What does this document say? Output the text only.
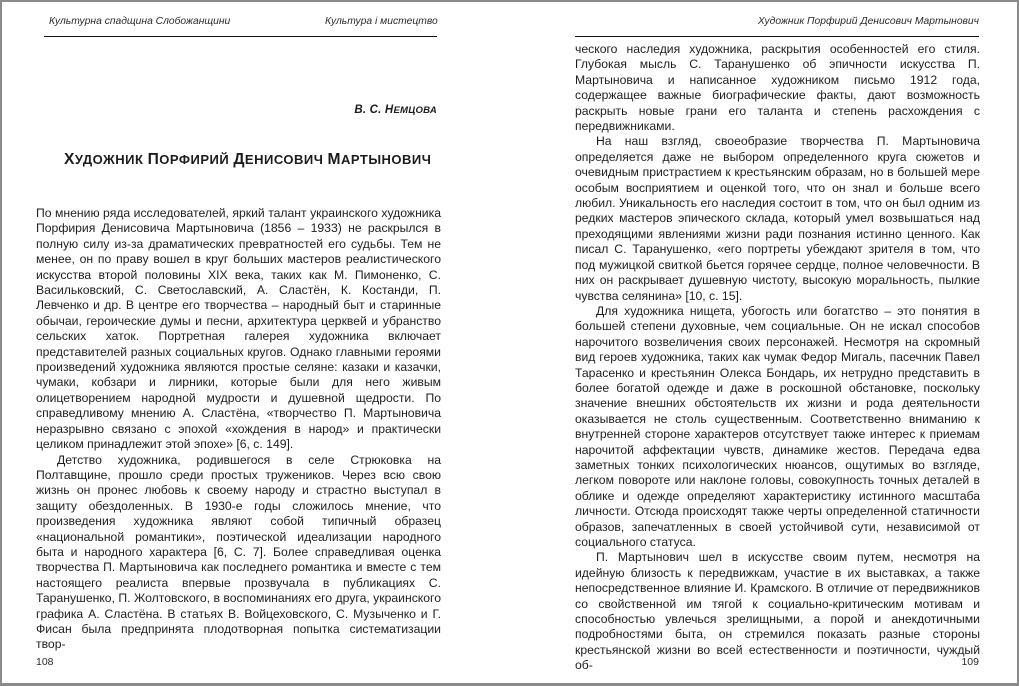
Культурна спадщина Слобожанщини	Культура і мистецтво
В. С. НЕМЦОВА
ХУДОЖНИК ПОРФИРИЙ ДЕНИСОВИЧ МАРТЫНОВИЧ

По мнению ряда исследователей, яркий талант украинского художника Порфирия Денисовича Мартыновича (1856 – 1933) не раскрылся в полную силу из-за драматических превратностей его судьбы. Тем не менее, он по праву вошел в круг больших мастеров реалистического искусства второй половины XIX века, таких как М. Пимоненко, С. Васильковский, С. Светославский, А. Сластён, К. Костанди, П. Левченко и др. В центре его творчества – народный быт и старинные обычаи, героические думы и песни, архитектура церквей и убранство сельских хаток. Портретная галерея художника включает представителей разных социальных кругов. Однако главными героями произведений художника являются простые селяне: казаки и казачки, чумаки, кобзари и лирники, которые были для него живым олицетворением народной мудрости и душевной щедрости. По справедливому мнению А. Сластёна, «творчество П. Мартыновича неразрывно связано с эпохой «хождения в народ» и практически целиком принадлежит этой эпохе» [6, с. 149].

Детство художника, родившегося в селе Стрюковка на Полтавщине, прошло среди простых тружеников. Через всю свою жизнь он пронес любовь к своему народу и страстно выступал в защиту обездоленных. В 1930-е годы сложилось мнение, что произведения художника являют собой типичный образец «национальной романтики», поэтической идеализации народного быта и народного характера [6, С. 7]. Более справедливая оценка творчества П. Мартыновича как последнего романтика и вместе с тем настоящего реалиста впервые прозвучала в публикациях С. Таранушенко, П. Жолтовского, в воспоминаниях его друга, украинского графика А. Сластёна. В статьях В. Войцеховского, С. Музыченко и Г. Фисан была предпринята плодотворная попытка систематизации твор-

108
Художник Порфирий Денисович Мартынович

ческого наследия художника, раскрытия особенностей его стиля. Глубокая мысль С. Таранушенко об эпичности искусства П. Мартыновича и написанное художником письмо 1912 года, содержащее важные биографические факты, дают возможность раскрыть новые грани его таланта и степень расхождения с передвижниками.

На наш взгляд, своеобразие творчества П. Мартыновича определяется даже не выбором определенного круга сюжетов и очевидным пристрастием к крестьянским образам, но в большей мере особым восприятием и оценкой того, что он знал и больше всего любил. Уникальность его наследия состоит в том, что он был одним из редких мастеров эпического склада, который умел возвышаться над преходящими явлениями жизни ради познания истинно ценного. Как писал С. Таранушенко, «его портреты убеждают зрителя в том, что под мужицкой свиткой бьется горячее сердце, полное человечности. В них он раскрывает душевную чистоту, высокую моральность, пылкие чувства селянина» [10, с. 15].

Для художника нищета, убогость или богатство – это понятия в большей степени духовные, чем социальные. Он не искал способов нарочитого возвеличения своих персонажей. Несмотря на скромный вид героев художника, таких как чумак Федор Мигаль, пасечник Павел Тарасенко и крестьянин Олекса Бондарь, их нетрудно представить в более богатой одежде и даже в роскошной обстановке, поскольку значение внешних обстоятельств их жизни и рода деятельности оказывается не столь существенным. Соответственно вниманию к внутренней стороне характеров отсутствует также интерес к приемам нарочитой аффектации чувств, динамике жестов. Передача едва заметных тонких психологических нюансов, ощутимых во взгляде, легком повороте или наклоне головы, совокупность точных деталей в облике и одежде определяют характеристику истинного масштаба личности. Отсюда происходят также черты определенной статичности образов, запечатленных в своей устойчивой сути, независимой от социального статуса.

П. Мартынович шел в искусстве своим путем, несмотря на идейную близость к передвижкам, участие в их выставках, а также непосредственное влияние И. Крамского. В отличие от передвижников со свойственной им тягой к социально-критическим мотивам и способностью увлечься зрелищными, а порой и анекдотичными подробностями быта, он стремился показать разные стороны крестьянской жизни во всей естественности и поэтичности, чуждый об-	109
